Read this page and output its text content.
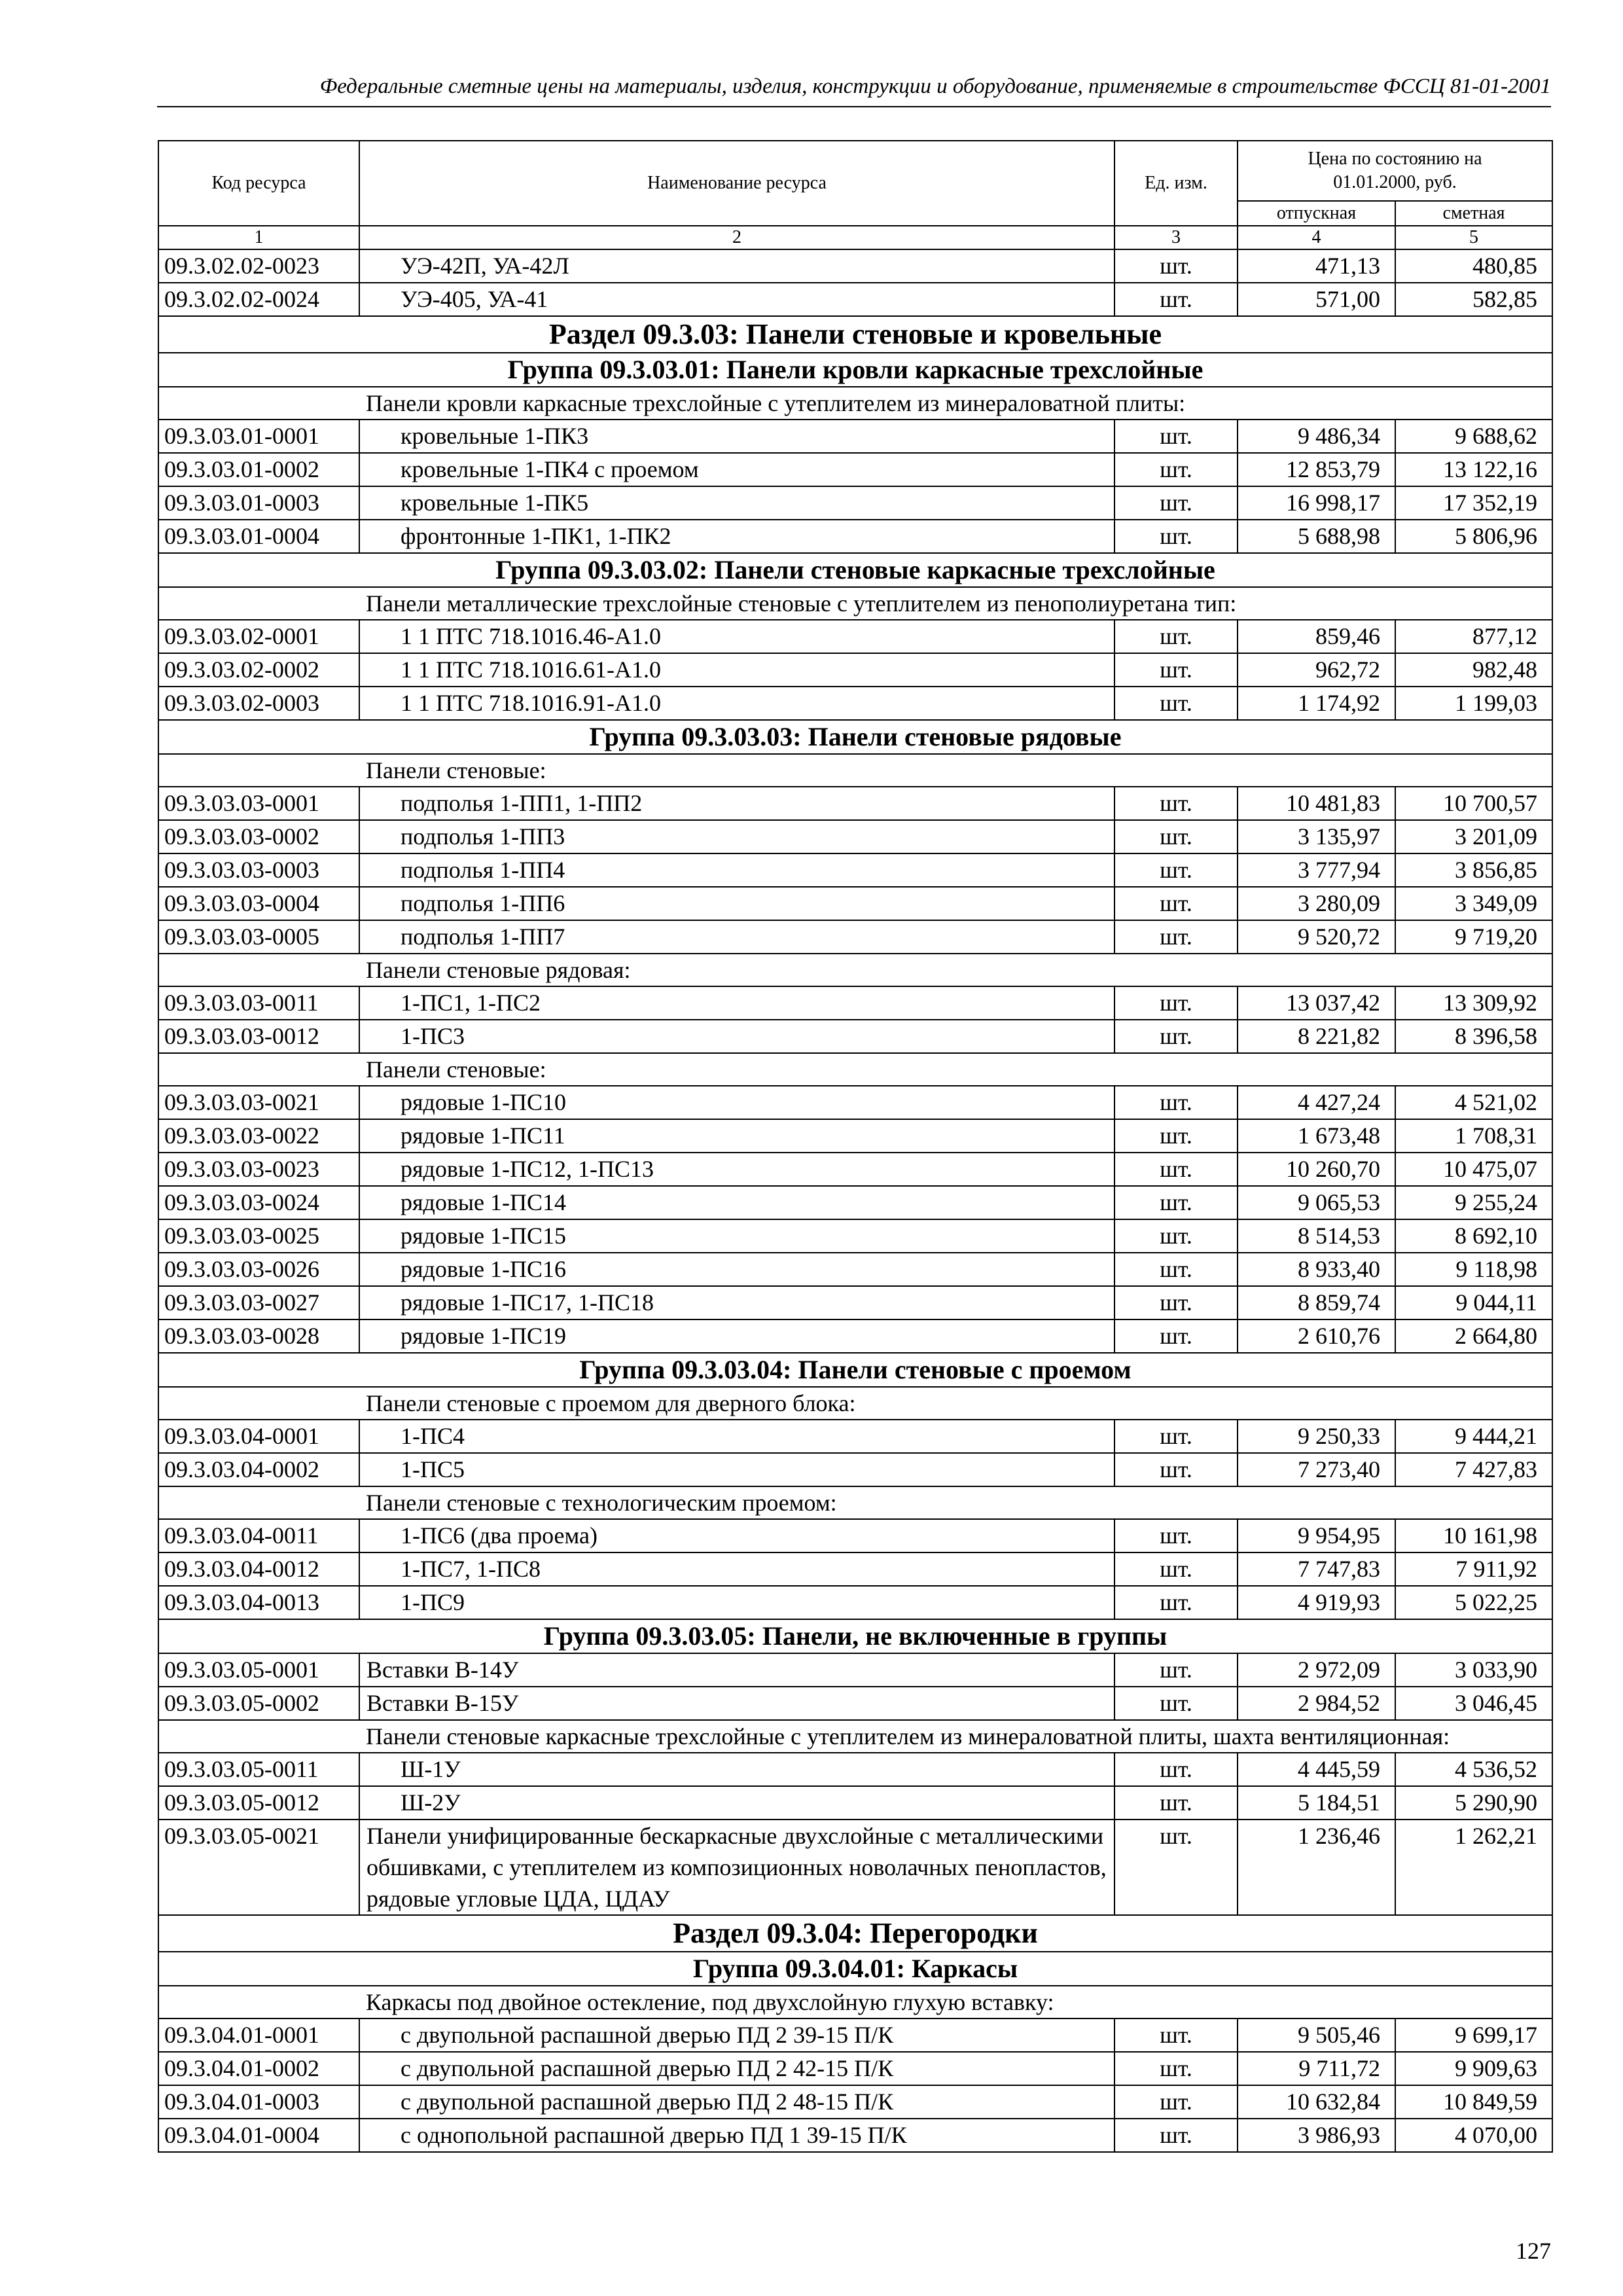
Федеральные сметные цены на материалы, изделия, конструкции и оборудование, применяемые в строительстве ФССЦ 81-01-2001
Код ресурса	Наименование ресурса	Ед. изм.	Цена по состоянию на 01.01.2000, руб.	
			отпускная	сметная
1	2	3	4	5
09.3.02.02-0023	УЭ-42П, УА-42Л	шт.	471,13	480,85
09.3.02.02-0024	УЭ-405, УА-41	шт.	571,00	582,85
Раздел 09.3.03: Панели стеновые и кровельные				
Группа 09.3.03.01: Панели кровли каркасные трехслойные				
	Панели кровли каркасные трехслойные с утеплителем из минераловатной плиты:			
09.3.03.01-0001	кровельные 1-ПК3	шт.	9 486,34	9 688,62
09.3.03.01-0002	кровельные 1-ПК4 с проемом	шт.	12 853,79	13 122,16
09.3.03.01-0003	кровельные 1-ПК5	шт.	16 998,17	17 352,19
09.3.03.01-0004	фронтонные 1-ПК1, 1-ПК2	шт.	5 688,98	5 806,96
Группа 09.3.03.02: Панели стеновые каркасные трехслойные				
	Панели металлические трехслойные стеновые с утеплителем из пенополиуретана тип:			
09.3.03.02-0001	1 1 ПТС 718.1016.46-А1.0	шт.	859,46	877,12
09.3.03.02-0002	1 1 ПТС 718.1016.61-А1.0	шт.	962,72	982,48
09.3.03.02-0003	1 1 ПТС 718.1016.91-А1.0	шт.	1 174,92	1 199,03
Группа 09.3.03.03: Панели стеновые рядовые				
	Панели стеновые:			
09.3.03.03-0001	подполья 1-ПП1, 1-ПП2	шт.	10 481,83	10 700,57
09.3.03.03-0002	подполья 1-ПП3	шт.	3 135,97	3 201,09
09.3.03.03-0003	подполья 1-ПП4	шт.	3 777,94	3 856,85
09.3.03.03-0004	подполья 1-ПП6	шт.	3 280,09	3 349,09
09.3.03.03-0005	подполья 1-ПП7	шт.	9 520,72	9 719,20
	Панели стеновые рядовая:			
09.3.03.03-0011	1-ПС1, 1-ПС2	шт.	13 037,42	13 309,92
09.3.03.03-0012	1-ПС3	шт.	8 221,82	8 396,58
	Панели стеновые:			
09.3.03.03-0021	рядовые 1-ПС10	шт.	4 427,24	4 521,02
09.3.03.03-0022	рядовые 1-ПС11	шт.	1 673,48	1 708,31
09.3.03.03-0023	рядовые 1-ПС12, 1-ПС13	шт.	10 260,70	10 475,07
09.3.03.03-0024	рядовые 1-ПС14	шт.	9 065,53	9 255,24
09.3.03.03-0025	рядовые 1-ПС15	шт.	8 514,53	8 692,10
09.3.03.03-0026	рядовые 1-ПС16	шт.	8 933,40	9 118,98
09.3.03.03-0027	рядовые 1-ПС17, 1-ПС18	шт.	8 859,74	9 044,11
09.3.03.03-0028	рядовые 1-ПС19	шт.	2 610,76	2 664,80
Группа 09.3.03.04: Панели стеновые с проемом				
	Панели стеновые с проемом для дверного блока:			
09.3.03.04-0001	1-ПС4	шт.	9 250,33	9 444,21
09.3.03.04-0002	1-ПС5	шт.	7 273,40	7 427,83
	Панели стеновые с технологическим проемом:			
09.3.03.04-0011	1-ПС6 (два проема)	шт.	9 954,95	10 161,98
09.3.03.04-0012	1-ПС7, 1-ПС8	шт.	7 747,83	7 911,92
09.3.03.04-0013	1-ПС9	шт.	4 919,93	5 022,25
Группа 09.3.03.05: Панели, не включенные в группы				
09.3.03.05-0001	Вставки В-14У	шт.	2 972,09	3 033,90
09.3.03.05-0002	Вставки В-15У	шт.	2 984,52	3 046,45
	Панели стеновые каркасные трехслойные с утеплителем из минераловатной плиты, шахта вентиляционная:			
09.3.03.05-0011	Ш-1У	шт.	4 445,59	4 536,52
09.3.03.05-0012	Ш-2У	шт.	5 184,51	5 290,90
09.3.03.05-0021	Панели унифицированные бескаркасные двухслойные с металлическими обшивками, с утеплителем из композиционных новолачных пенопластов, рядовые угловые ЦДА, ЦДАУ	шт.	1 236,46	1 262,21
Раздел 09.3.04: Перегородки				
Группа 09.3.04.01: Каркасы				
	Каркасы под двойное остекление, под двухслойную глухую вставку:			
09.3.04.01-0001	с двупольной распашной дверью ПД 2 39-15 П/К	шт.	9 505,46	9 699,17
09.3.04.01-0002	с двупольной распашной дверью ПД 2 42-15 П/К	шт.	9 711,72	9 909,63
09.3.04.01-0003	с двупольной распашной дверью ПД 2 48-15 П/К	шт.	10 632,84	10 849,59
09.3.04.01-0004	с однопольной распашной дверью ПД 1 39-15 П/К	шт.	3 986,93	4 070,00
127
